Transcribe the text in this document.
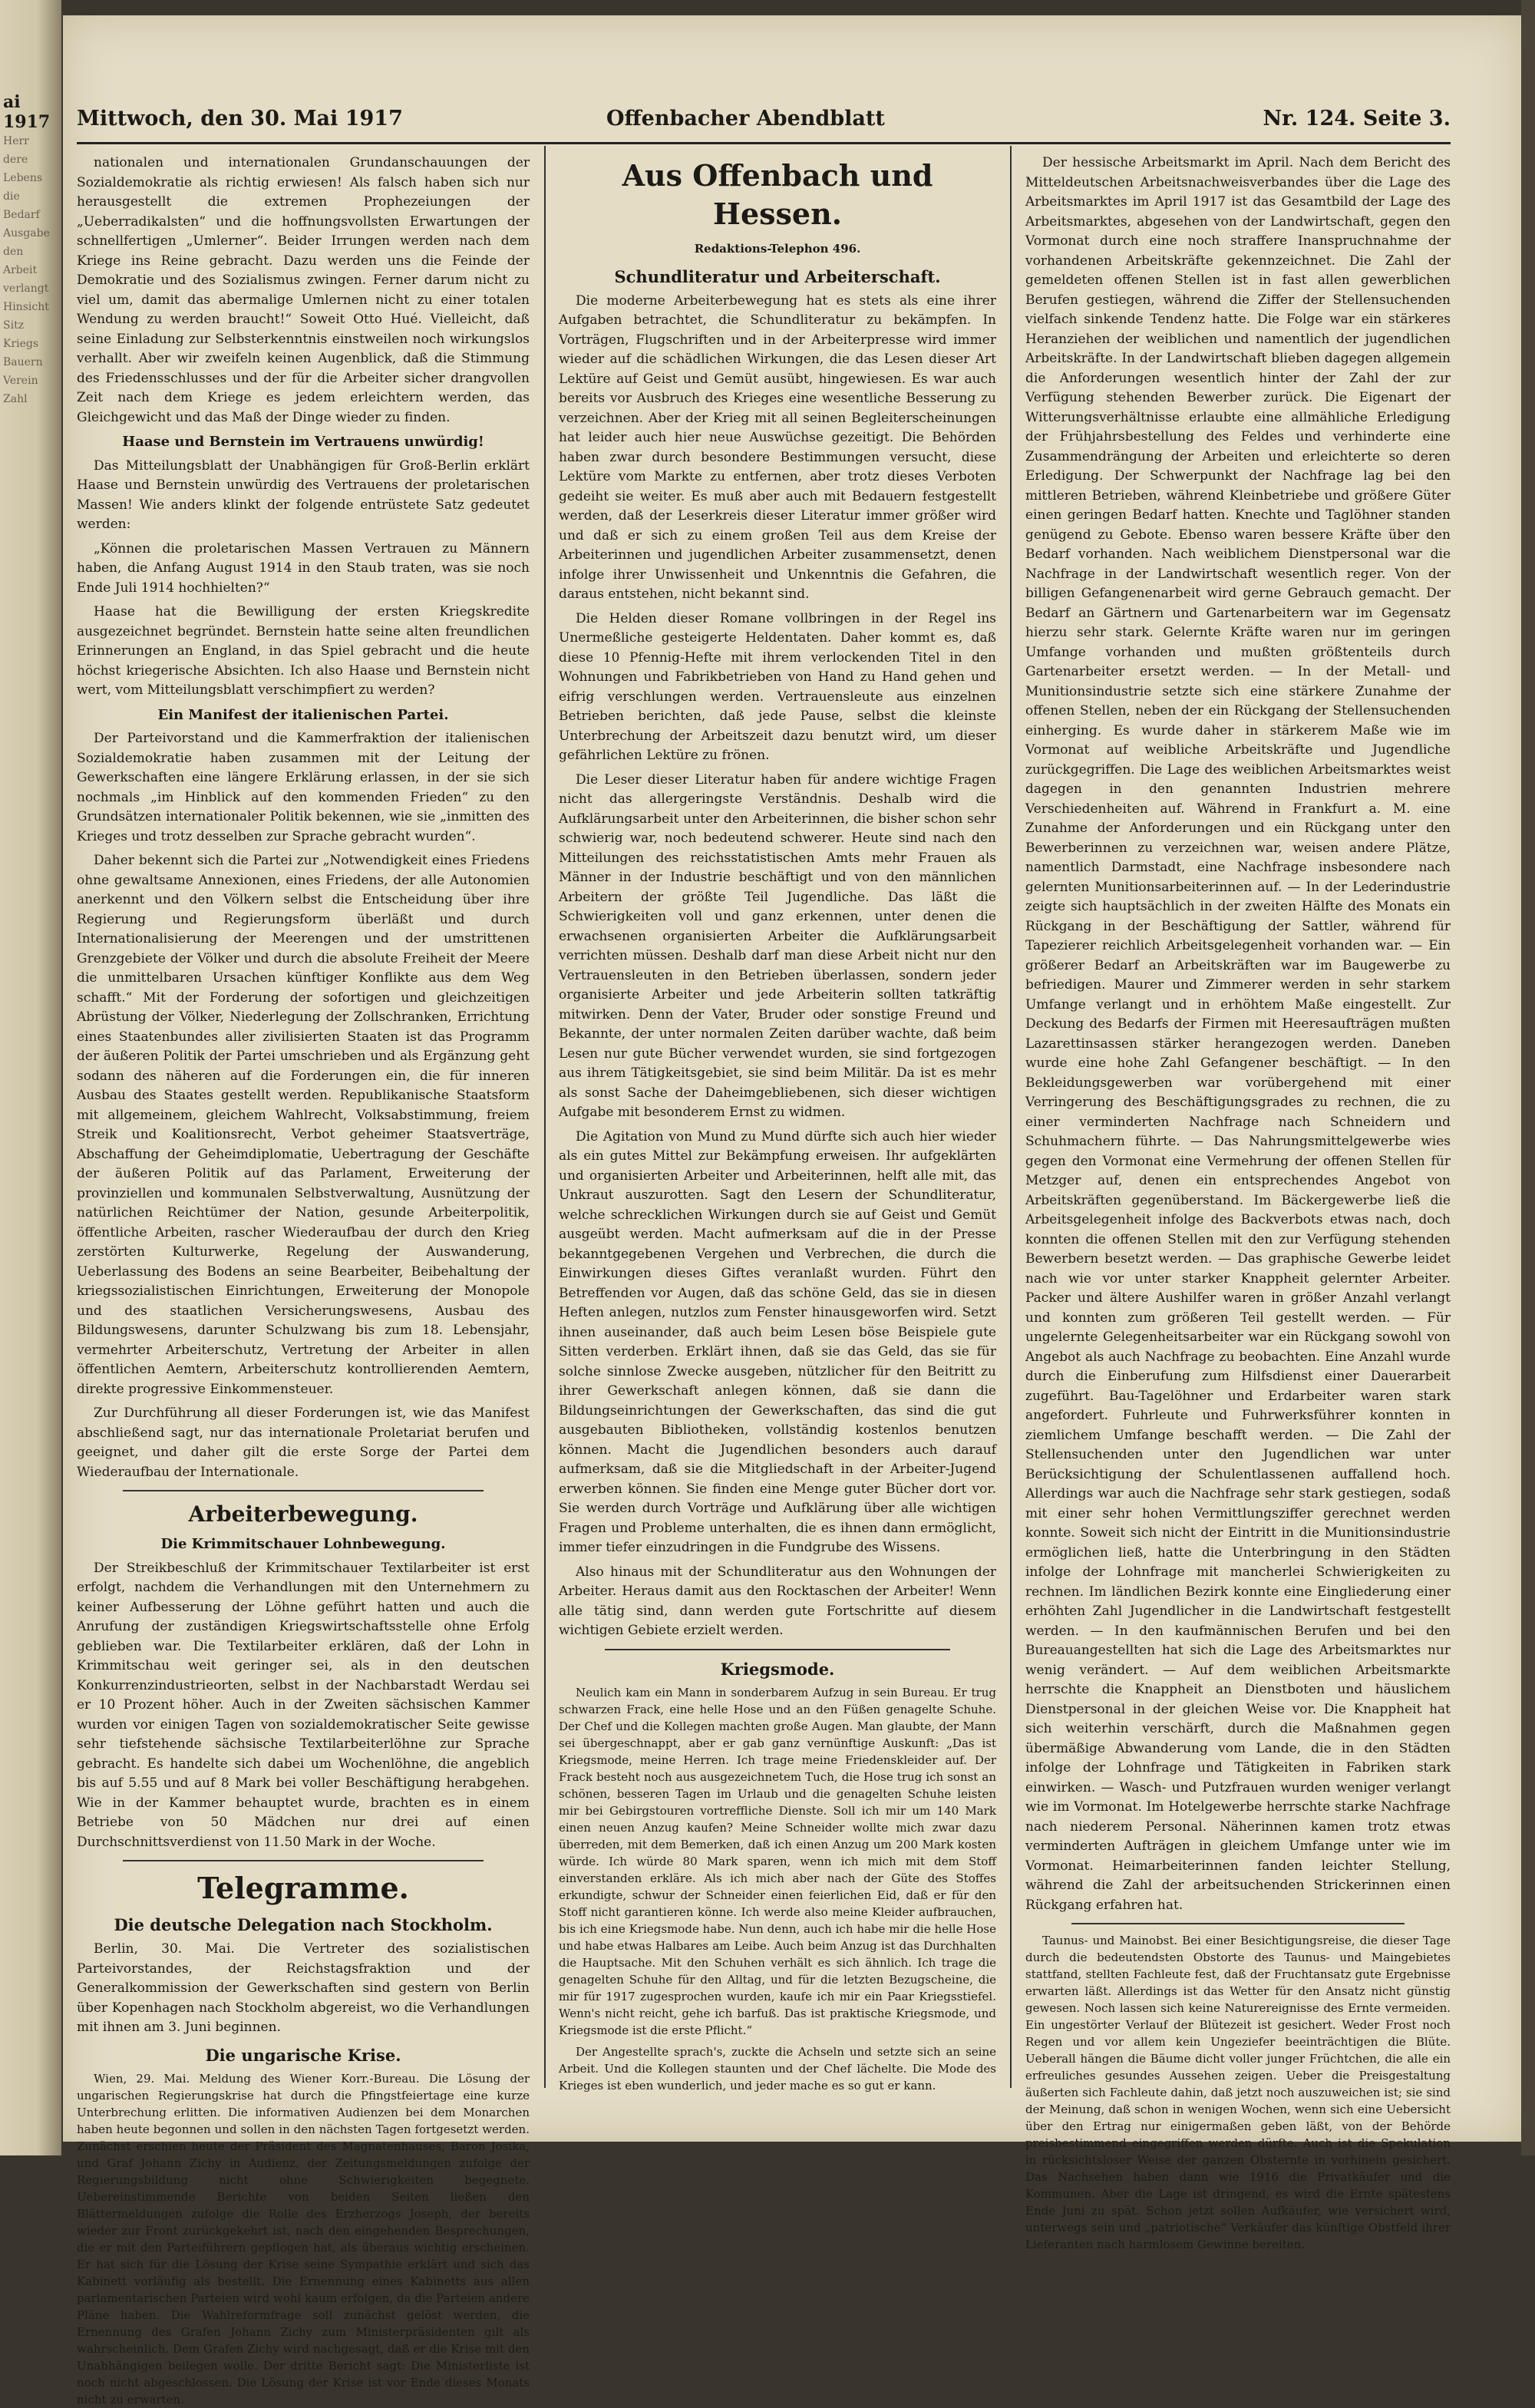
ai 1917
Herr
dere
Lebens
die
Bedarf
Ausgabe
den
Arbeit
verlangt
Hinsicht
Sitz
Kriegs
Bauern
Verein
Zahl
Mittwoch, den 30. Mai 1917	Offenbacher Abendblatt	Nr. 124. Seite 3.

nationalen und internationalen Grundanschauungen der Sozialdemokratie als richtig erwiesen! Als falsch haben sich nur herausgestellt die extremen Prophezeiungen der „Ueberradikalsten“ und die hoffnungsvollsten Erwartungen der schnellfertigen „Umlerner“. Beider Irrungen werden nach dem Kriege ins Reine gebracht. Dazu werden uns die Feinde der Demokratie und des Sozialismus zwingen. Ferner darum nicht zu viel um, damit das abermalige Umlernen nicht zu einer totalen Wendung zu werden braucht!“ Soweit Otto Hué. Vielleicht, daß seine Einladung zur Selbsterkenntnis einstweilen noch wirkungslos verhallt. Aber wir zweifeln keinen Augenblick, daß die Stimmung des Friedensschlusses und der für die Arbeiter sicher drangvollen Zeit nach dem Kriege es jedem erleichtern werden, das Gleichgewicht und das Maß der Dinge wieder zu finden.

Haase und Bernstein im Vertrauens unwürdig!

Das Mitteilungsblatt der Unabhängigen für Groß-Berlin erklärt Haase und Bernstein unwürdig des Vertrauens der proletarischen Massen! Wie anders klinkt der folgende entrüstete Satz gedeutet werden:

„Können die proletarischen Massen Vertrauen zu Männern haben, die Anfang August 1914 in den Staub traten, was sie noch Ende Juli 1914 hochhielten?“

Haase hat die Bewilligung der ersten Kriegskredite ausgezeichnet begründet. Bernstein hatte seine alten freundlichen Erinnerungen an England, in das Spiel gebracht und die heute höchst kriegerische Absichten. Ich also Haase und Bernstein nicht wert, vom Mitteilungsblatt verschimpfiert zu werden?

Ein Manifest der italienischen Partei.

Der Parteivorstand und die Kammerfraktion der italienischen Sozialdemokratie haben zusammen mit der Leitung der Gewerkschaften eine längere Erklärung erlassen, in der sie sich nochmals „im Hinblick auf den kommenden Frieden“ zu den Grundsätzen internationaler Politik bekennen, wie sie „inmitten des Krieges und trotz desselben zur Sprache gebracht wurden“.

Daher bekennt sich die Partei zur „Notwendigkeit eines Friedens ohne gewaltsame Annexionen, eines Friedens, der alle Autonomien anerkennt und den Völkern selbst die Entscheidung über ihre Regierung und Regierungsform überläßt und durch Internationalisierung der Meerengen und der umstrittenen Grenzgebiete der Völker und durch die absolute Freiheit der Meere die unmittelbaren Ursachen künftiger Konflikte aus dem Weg schafft.“ Mit der Forderung der sofortigen und gleichzeitigen Abrüstung der Völker, Niederlegung der Zollschranken, Errichtung eines Staatenbundes aller zivilisierten Staaten ist das Programm der äußeren Politik der Partei umschrieben und als Ergänzung geht sodann des näheren auf die Forderungen ein, die für inneren Ausbau des Staates gestellt werden. Republikanische Staatsform mit allgemeinem, gleichem Wahlrecht, Volksabstimmung, freiem Streik und Koalitionsrecht, Verbot geheimer Staatsverträge, Abschaffung der Geheimdiplomatie, Uebertragung der Geschäfte der äußeren Politik auf das Parlament, Erweiterung der provinziellen und kommunalen Selbstverwaltung, Ausnützung der natürlichen Reichtümer der Nation, gesunde Arbeiterpolitik, öffentliche Arbeiten, rascher Wiederaufbau der durch den Krieg zerstörten Kulturwerke, Regelung der Auswanderung, Ueberlassung des Bodens an seine Bearbeiter, Beibehaltung der kriegssozialistischen Einrichtungen, Erweiterung der Monopole und des staatlichen Versicherungswesens, Ausbau des Bildungswesens, darunter Schulzwang bis zum 18. Lebensjahr, vermehrter Arbeiterschutz, Vertretung der Arbeiter in allen öffentlichen Aemtern, Arbeiterschutz kontrollierenden Aemtern, direkte progressive Einkommensteuer.

Zur Durchführung all dieser Forderungen ist, wie das Manifest abschließend sagt, nur das internationale Proletariat berufen und geeignet, und daher gilt die erste Sorge der Partei dem Wiederaufbau der Internationale.

Arbeiterbewegung.
Die Krimmitschauer Lohnbewegung.

Der Streikbeschluß der Krimmitschauer Textilarbeiter ist erst erfolgt, nachdem die Verhandlungen mit den Unternehmern zu keiner Aufbesserung der Löhne geführt hatten und auch die Anrufung der zuständigen Kriegswirtschaftsstelle ohne Erfolg geblieben war. Die Textilarbeiter erklären, daß der Lohn in Krimmitschau weit geringer sei, als in den deutschen Konkurrenzindustrieorten, selbst in der Nachbarstadt Werdau sei er 10 Prozent höher. Auch in der Zweiten sächsischen Kammer wurden vor einigen Tagen von sozialdemokratischer Seite gewisse sehr tiefstehende sächsische Textilarbeiterlöhne zur Sprache gebracht. Es handelte sich dabei um Wochenlöhne, die angeblich bis auf 5.55 und auf 8 Mark bei voller Beschäftigung herabgehen. Wie in der Kammer behauptet wurde, brachten es in einem Betriebe von 50 Mädchen nur drei auf einen Durchschnittsverdienst von 11.50 Mark in der Woche.

Telegramme.
Die deutsche Delegation nach Stockholm.

Berlin, 30. Mai. Die Vertreter des sozialistischen Parteivorstandes, der Reichstagsfraktion und der Generalkommission der Gewerkschaften sind gestern von Berlin über Kopenhagen nach Stockholm abgereist, wo die Verhandlungen mit ihnen am 3. Juni beginnen.

Die ungarische Krise.

Wien, 29. Mai. Meldung des Wiener Korr.-Bureau. Die Lösung der ungarischen Regierungskrise hat durch die Pfingstfeiertage eine kurze Unterbrechung erlitten. Die informativen Audienzen bei dem Monarchen haben heute begonnen und sollen in den nächsten Tagen fortgesetzt werden. Zunächst erschien heute der Präsident des Magnatenhauses, Baron Josika, und Graf Johann Zichy in Audienz, der Zeitungsmeldungen zufolge der Regierungsbildung nicht ohne Schwierigkeiten begegnete. Uebereinstimmende Berichte von beiden Seiten ließen den Blättermeldungen zufolge die Rolle des Erzherzogs Joseph, der bereits wieder zur Front zurückgekehrt ist, nach den eingehenden Besprechungen, die er mit den Parteiführern gepflogen hat, als überaus wichtig erscheinen. Er hat sich für die Lösung der Krise seine Sympathie erklärt und sich das Kabinett vorläufig als bestellt. Die Ernennung eines Kabinetts aus allen parlamentarischen Parteien wird wohl kaum erfolgen, da die Parteien andere Pläne haben. Die Wahlreformfrage soll zunächst gelöst werden, die Ernennung des Grafen Johann Zichy zum Ministerpräsidenten gilt als wahrscheinlich. Dem Grafen Zichy wird nachgesagt, daß er die Krise mit den Unabhängigen beilegen wolle. Der dritte Bericht sagt: Die Ministerliste ist noch nicht abgeschlossen. Die Lösung der Krise ist vor Ende dieses Monats nicht zu erwarten.

Aus Offenbach und Hessen.
Redaktions-Telephon 496.
Schundliteratur und Arbeiterschaft.

Die moderne Arbeiterbewegung hat es stets als eine ihrer Aufgaben betrachtet, die Schundliteratur zu bekämpfen. In Vorträgen, Flugschriften und in der Arbeiterpresse wird immer wieder auf die schädlichen Wirkungen, die das Lesen dieser Art Lektüre auf Geist und Gemüt ausübt, hingewiesen. Es war auch bereits vor Ausbruch des Krieges eine wesentliche Besserung zu verzeichnen. Aber der Krieg mit all seinen Begleiterscheinungen hat leider auch hier neue Auswüchse gezeitigt. Die Behörden haben zwar durch besondere Bestimmungen versucht, diese Lektüre vom Markte zu entfernen, aber trotz dieses Verboten gedeiht sie weiter. Es muß aber auch mit Bedauern festgestellt werden, daß der Leserkreis dieser Literatur immer größer wird und daß er sich zu einem großen Teil aus dem Kreise der Arbeiterinnen und jugendlichen Arbeiter zusammensetzt, denen infolge ihrer Unwissenheit und Unkenntnis die Gefahren, die daraus entstehen, nicht bekannt sind.

Die Helden dieser Romane vollbringen in der Regel ins Unermeßliche gesteigerte Heldentaten. Daher kommt es, daß diese 10 Pfennig-Hefte mit ihrem verlockenden Titel in den Wohnungen und Fabrikbetrieben von Hand zu Hand gehen und eifrig verschlungen werden. Vertrauensleute aus einzelnen Betrieben berichten, daß jede Pause, selbst die kleinste Unterbrechung der Arbeitszeit dazu benutzt wird, um dieser gefährlichen Lektüre zu frönen.

Die Leser dieser Literatur haben für andere wichtige Fragen nicht das allergeringste Verständnis. Deshalb wird die Aufklärungsarbeit unter den Arbeiterinnen, die bisher schon sehr schwierig war, noch bedeutend schwerer. Heute sind nach den Mitteilungen des reichsstatistischen Amts mehr Frauen als Männer in der Industrie beschäftigt und von den männlichen Arbeitern der größte Teil Jugendliche. Das läßt die Schwierigkeiten voll und ganz erkennen, unter denen die erwachsenen organisierten Arbeiter die Aufklärungsarbeit verrichten müssen. Deshalb darf man diese Arbeit nicht nur den Vertrauensleuten in den Betrieben überlassen, sondern jeder organisierte Arbeiter und jede Arbeiterin sollten tatkräftig mitwirken. Denn der Vater, Bruder oder sonstige Freund und Bekannte, der unter normalen Zeiten darüber wachte, daß beim Lesen nur gute Bücher verwendet wurden, sie sind fortgezogen aus ihrem Tätigkeitsgebiet, sie sind beim Militär. Da ist es mehr als sonst Sache der Daheimgebliebenen, sich dieser wichtigen Aufgabe mit besonderem Ernst zu widmen.

Die Agitation von Mund zu Mund dürfte sich auch hier wieder als ein gutes Mittel zur Bekämpfung erweisen. Ihr aufgeklärten und organisierten Arbeiter und Arbeiterinnen, helft alle mit, das Unkraut auszurotten. Sagt den Lesern der Schundliteratur, welche schrecklichen Wirkungen durch sie auf Geist und Gemüt ausgeübt werden. Macht aufmerksam auf die in der Presse bekanntgegebenen Vergehen und Verbrechen, die durch die Einwirkungen dieses Giftes veranlaßt wurden. Führt den Betreffenden vor Augen, daß das schöne Geld, das sie in diesen Heften anlegen, nutzlos zum Fenster hinausgeworfen wird. Setzt ihnen auseinander, daß auch beim Lesen böse Beispiele gute Sitten verderben. Erklärt ihnen, daß sie das Geld, das sie für solche sinnlose Zwecke ausgeben, nützlicher für den Beitritt zu ihrer Gewerkschaft anlegen können, daß sie dann die Bildungseinrichtungen der Gewerkschaften, das sind die gut ausgebauten Bibliotheken, vollständig kostenlos benutzen können. Macht die Jugendlichen besonders auch darauf aufmerksam, daß sie die Mitgliedschaft in der Arbeiter-Jugend erwerben können. Sie finden eine Menge guter Bücher dort vor. Sie werden durch Vorträge und Aufklärung über alle wichtigen Fragen und Probleme unterhalten, die es ihnen dann ermöglicht, immer tiefer einzudringen in die Fundgrube des Wissens.

Also hinaus mit der Schundliteratur aus den Wohnungen der Arbeiter. Heraus damit aus den Rocktaschen der Arbeiter! Wenn alle tätig sind, dann werden gute Fortschritte auf diesem wichtigen Gebiete erzielt werden.

Kriegsmode.

Neulich kam ein Mann in sonderbarem Aufzug in sein Bureau. Er trug schwarzen Frack, eine helle Hose und an den Füßen genagelte Schuhe. Der Chef und die Kollegen machten große Augen. Man glaubte, der Mann sei übergeschnappt, aber er gab ganz vernünftige Auskunft: „Das ist Kriegsmode, meine Herren. Ich trage meine Friedenskleider auf. Der Frack besteht noch aus ausgezeichnetem Tuch, die Hose trug ich sonst an schönen, besseren Tagen im Urlaub und die genagelten Schuhe leisten mir bei Gebirgstouren vortreffliche Dienste. Soll ich mir um 140 Mark einen neuen Anzug kaufen? Meine Schneider wollte mich zwar dazu überreden, mit dem Bemerken, daß ich einen Anzug um 200 Mark kosten würde. Ich würde 80 Mark sparen, wenn ich mich mit dem Stoff einverstanden erkläre. Als ich mich aber nach der Güte des Stoffes erkundigte, schwur der Schneider einen feierlichen Eid, daß er für den Stoff nicht garantieren könne. Ich werde also meine Kleider aufbrauchen, bis ich eine Kriegsmode habe. Nun denn, auch ich habe mir die helle Hose und habe etwas Halbares am Leibe. Auch beim Anzug ist das Durchhalten die Hauptsache. Mit den Schuhen verhält es sich ähnlich. Ich trage die genagelten Schuhe für den Alltag, und für die letzten Bezugscheine, die mir für 1917 zugesprochen wurden, kaufe ich mir ein Paar Kriegsstiefel. Wenn's nicht reicht, gehe ich barfuß. Das ist praktische Kriegsmode, und Kriegsmode ist die erste Pflicht.“

Der Angestellte sprach's, zuckte die Achseln und setzte sich an seine Arbeit. Und die Kollegen staunten und der Chef lächelte. Die Mode des Krieges ist eben wunderlich, und jeder mache es so gut er kann.

Der hessische Arbeitsmarkt im April. Nach dem Bericht des Mitteldeutschen Arbeitsnachweisverbandes über die Lage des Arbeitsmarktes im April 1917 ist das Gesamtbild der Lage des Arbeitsmarktes, abgesehen von der Landwirtschaft, gegen den Vormonat durch eine noch straffere Inanspruchnahme der vorhandenen Arbeitskräfte gekennzeichnet. Die Zahl der gemeldeten offenen Stellen ist in fast allen gewerblichen Berufen gestiegen, während die Ziffer der Stellensuchenden vielfach sinkende Tendenz hatte. Die Folge war ein stärkeres Heranziehen der weiblichen und namentlich der jugendlichen Arbeitskräfte. In der Landwirtschaft blieben dagegen allgemein die Anforderungen wesentlich hinter der Zahl der zur Verfügung stehenden Bewerber zurück. Die Eigenart der Witterungsverhältnisse erlaubte eine allmähliche Erledigung der Frühjahrsbestellung des Feldes und verhinderte eine Zusammendrängung der Arbeiten und erleichterte so deren Erledigung. Der Schwerpunkt der Nachfrage lag bei den mittleren Betrieben, während Kleinbetriebe und größere Güter einen geringen Bedarf hatten. Knechte und Taglöhner standen genügend zu Gebote. Ebenso waren bessere Kräfte über den Bedarf vorhanden. Nach weiblichem Dienstpersonal war die Nachfrage in der Landwirtschaft wesentlich reger. Von der billigen Gefangenenarbeit wird gerne Gebrauch gemacht. Der Bedarf an Gärtnern und Gartenarbeitern war im Gegensatz hierzu sehr stark. Gelernte Kräfte waren nur im geringen Umfange vorhanden und mußten größtenteils durch Gartenarbeiter ersetzt werden. — In der Metall- und Munitionsindustrie setzte sich eine stärkere Zunahme der offenen Stellen, neben der ein Rückgang der Stellensuchenden einherging. Es wurde daher in stärkerem Maße wie im Vormonat auf weibliche Arbeitskräfte und Jugendliche zurückgegriffen. Die Lage des weiblichen Arbeitsmarktes weist dagegen in den genannten Industrien mehrere Verschiedenheiten auf. Während in Frankfurt a. M. eine Zunahme der Anforderungen und ein Rückgang unter den Bewerberinnen zu verzeichnen war, weisen andere Plätze, namentlich Darmstadt, eine Nachfrage insbesondere nach gelernten Munitionsarbeiterinnen auf. — In der Lederindustrie zeigte sich hauptsächlich in der zweiten Hälfte des Monats ein Rückgang in der Beschäftigung der Sattler, während für Tapezierer reichlich Arbeitsgelegenheit vorhanden war. — Ein größerer Bedarf an Arbeitskräften war im Baugewerbe zu befriedigen. Maurer und Zimmerer werden in sehr starkem Umfange verlangt und in erhöhtem Maße eingestellt. Zur Deckung des Bedarfs der Firmen mit Heeresaufträgen mußten Lazarettinsassen stärker herangezogen werden. Daneben wurde eine hohe Zahl Gefangener beschäftigt. — In den Bekleidungsgewerben war vorübergehend mit einer Verringerung des Beschäftigungsgrades zu rechnen, die zu einer verminderten Nachfrage nach Schneidern und Schuhmachern führte. — Das Nahrungsmittelgewerbe wies gegen den Vormonat eine Vermehrung der offenen Stellen für Metzger auf, denen ein entsprechendes Angebot von Arbeitskräften gegenüberstand. Im Bäckergewerbe ließ die Arbeitsgelegenheit infolge des Backverbots etwas nach, doch konnten die offenen Stellen mit den zur Verfügung stehenden Bewerbern besetzt werden. — Das graphische Gewerbe leidet nach wie vor unter starker Knappheit gelernter Arbeiter. Packer und ältere Aushilfer waren in größer Anzahl verlangt und konnten zum größeren Teil gestellt werden. — Für ungelernte Gelegenheitsarbeiter war ein Rückgang sowohl von Angebot als auch Nachfrage zu beobachten. Eine Anzahl wurde durch die Einberufung zum Hilfsdienst einer Dauerarbeit zugeführt. Bau-Tagelöhner und Erdarbeiter waren stark angefordert. Fuhrleute und Fuhrwerksführer konnten in ziemlichem Umfange beschafft werden. — Die Zahl der Stellensuchenden unter den Jugendlichen war unter Berücksichtigung der Schulentlassenen auffallend hoch. Allerdings war auch die Nachfrage sehr stark gestiegen, sodaß mit einer sehr hohen Vermittlungsziffer gerechnet werden konnte. Soweit sich nicht der Eintritt in die Munitionsindustrie ermöglichen ließ, hatte die Unterbringung in den Städten infolge der Lohnfrage mit mancherlei Schwierigkeiten zu rechnen. Im ländlichen Bezirk konnte eine Eingliederung einer erhöhten Zahl Jugendlicher in die Landwirtschaft festgestellt werden. — In den kaufmännischen Berufen und bei den Bureauangestellten hat sich die Lage des Arbeitsmarktes nur wenig verändert. — Auf dem weiblichen Arbeitsmarkte herrschte die Knappheit an Dienstboten und häuslichem Dienstpersonal in der gleichen Weise vor. Die Knappheit hat sich weiterhin verschärft, durch die Maßnahmen gegen übermäßige Abwanderung vom Lande, die in den Städten infolge der Lohnfrage und Tätigkeiten in Fabriken stark einwirken. — Wasch- und Putzfrauen wurden weniger verlangt wie im Vormonat. Im Hotelgewerbe herrschte starke Nachfrage nach niederem Personal. Näherinnen kamen trotz etwas verminderten Aufträgen in gleichem Umfange unter wie im Vormonat. Heimarbeiterinnen fanden leichter Stellung, während die Zahl der arbeitsuchenden Strickerinnen einen Rückgang erfahren hat.

Taunus- und Mainobst. Bei einer Besichtigungsreise, die dieser Tage durch die bedeutendsten Obstorte des Taunus- und Maingebietes stattfand, stellten Fachleute fest, daß der Fruchtansatz gute Ergebnisse erwarten läßt. Allerdings ist das Wetter für den Ansatz nicht günstig gewesen. Noch lassen sich keine Naturereignisse des Ernte vermeiden. Ein ungestörter Verlauf der Blütezeit ist gesichert. Weder Frost noch Regen und vor allem kein Ungeziefer beeinträchtigen die Blüte. Ueberall hängen die Bäume dicht voller junger Früchtchen, die alle ein erfreuliches gesundes Aussehen zeigen. Ueber die Preisgestaltung äußerten sich Fachleute dahin, daß jetzt noch auszuweichen ist; sie sind der Meinung, daß schon in wenigen Wochen, wenn sich eine Uebersicht über den Ertrag nur einigermaßen geben läßt, von der Behörde preisbestimmend eingegriffen werden dürfte. Auch ist die Spekulation in rücksichtsloser Weise der ganzen Obsternte in vorhinein gesichert. Das Nachsehen haben dann wie 1916 die Privatkäufer und die Kommunen. Aber die Lage ist dringend, es wird die Ernte spätestens Ende Juni zu spät. Schon jetzt sollen Aufkäufer, wie versichert wird, unterwegs sein und „patriotische“ Verkäufer das künftige Obstfeld ihrer Lieferanten nach harmlosem Gewinne bereiten.
